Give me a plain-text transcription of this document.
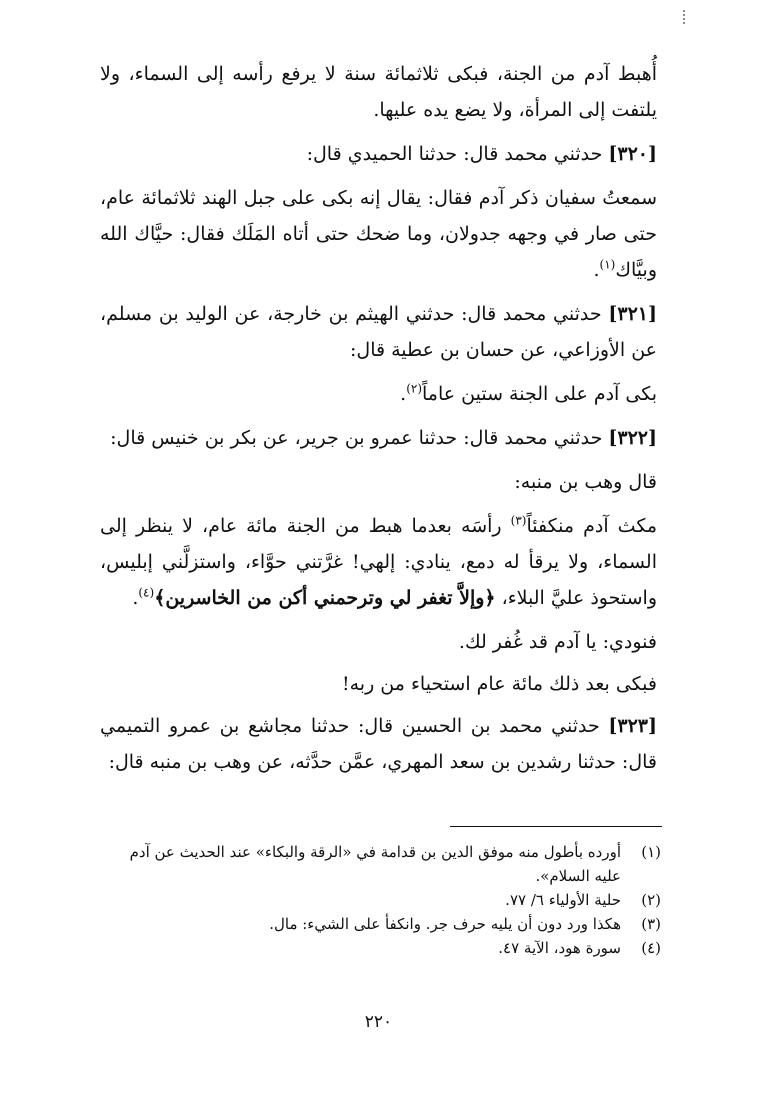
أُهبط آدم من الجنة، فبكى ثلاثمائة سنة لا يرفع رأسه إلى السماء، ولا يلتفت إلى المرأة، ولا يضع يده عليها.

[٣٢٠] حدثني محمد قال: حدثنا الحميدي قال:

سمعتُ سفيان ذكر آدم فقال: يقال إنه بكى على جبل الهند ثلاثمائة عام، حتى صار في وجهه جدولان، وما ضحك حتى أتاه المَلَك فقال: حيَّاك الله وبيَّاك$^{(١)}$.

[٣٢١] حدثني محمد قال: حدثني الهيثم بن خارجة، عن الوليد بن مسلم، عن الأوزاعي، عن حسان بن عطية قال:

بكى آدم على الجنة ستين عاماً$^{(٢)}$.

[٣٢٢] حدثني محمد قال: حدثنا عمرو بن جرير، عن بكر بن خنيس قال:

قال وهب بن منبه:

مكث آدم منكفئاً$^{(٣)}$ رأسَه بعدما هبط من الجنة مائة عام، لا ينظر إلى السماء، ولا يرقأ له دمع، ينادي: إلهي! غرَّتني حوَّاء، واستزلَّني إبليس، واستحوذ عليَّ البلاء، ﴿وإلاَّ تغفر لي وترحمني أكن من الخاسرين﴾$^{(٤)}$.

فنودي: يا آدم قد غُفر لك.

فبكى بعد ذلك مائة عام استحياء من ربه!

[٣٢٣] حدثني محمد بن الحسين قال: حدثنا مجاشع بن عمرو التميمي قال: حدثنا رشدين بن سعد المهري، عمَّن حدَّثه، عن وهب بن منبه قال:

(١)
أورده بأطول منه موفق الدين بن قدامة في «الرقة والبكاء» عند الحديث عن آدم عليه السلام».
(٢)
حلية الأولياء ٦/ ٧٧.
(٣)
هكذا ورد دون أن يليه حرف جر. وانكفأ على الشيء: مال.
(٤)
سورة هود، الآية ٤٧.
٢٢٠
